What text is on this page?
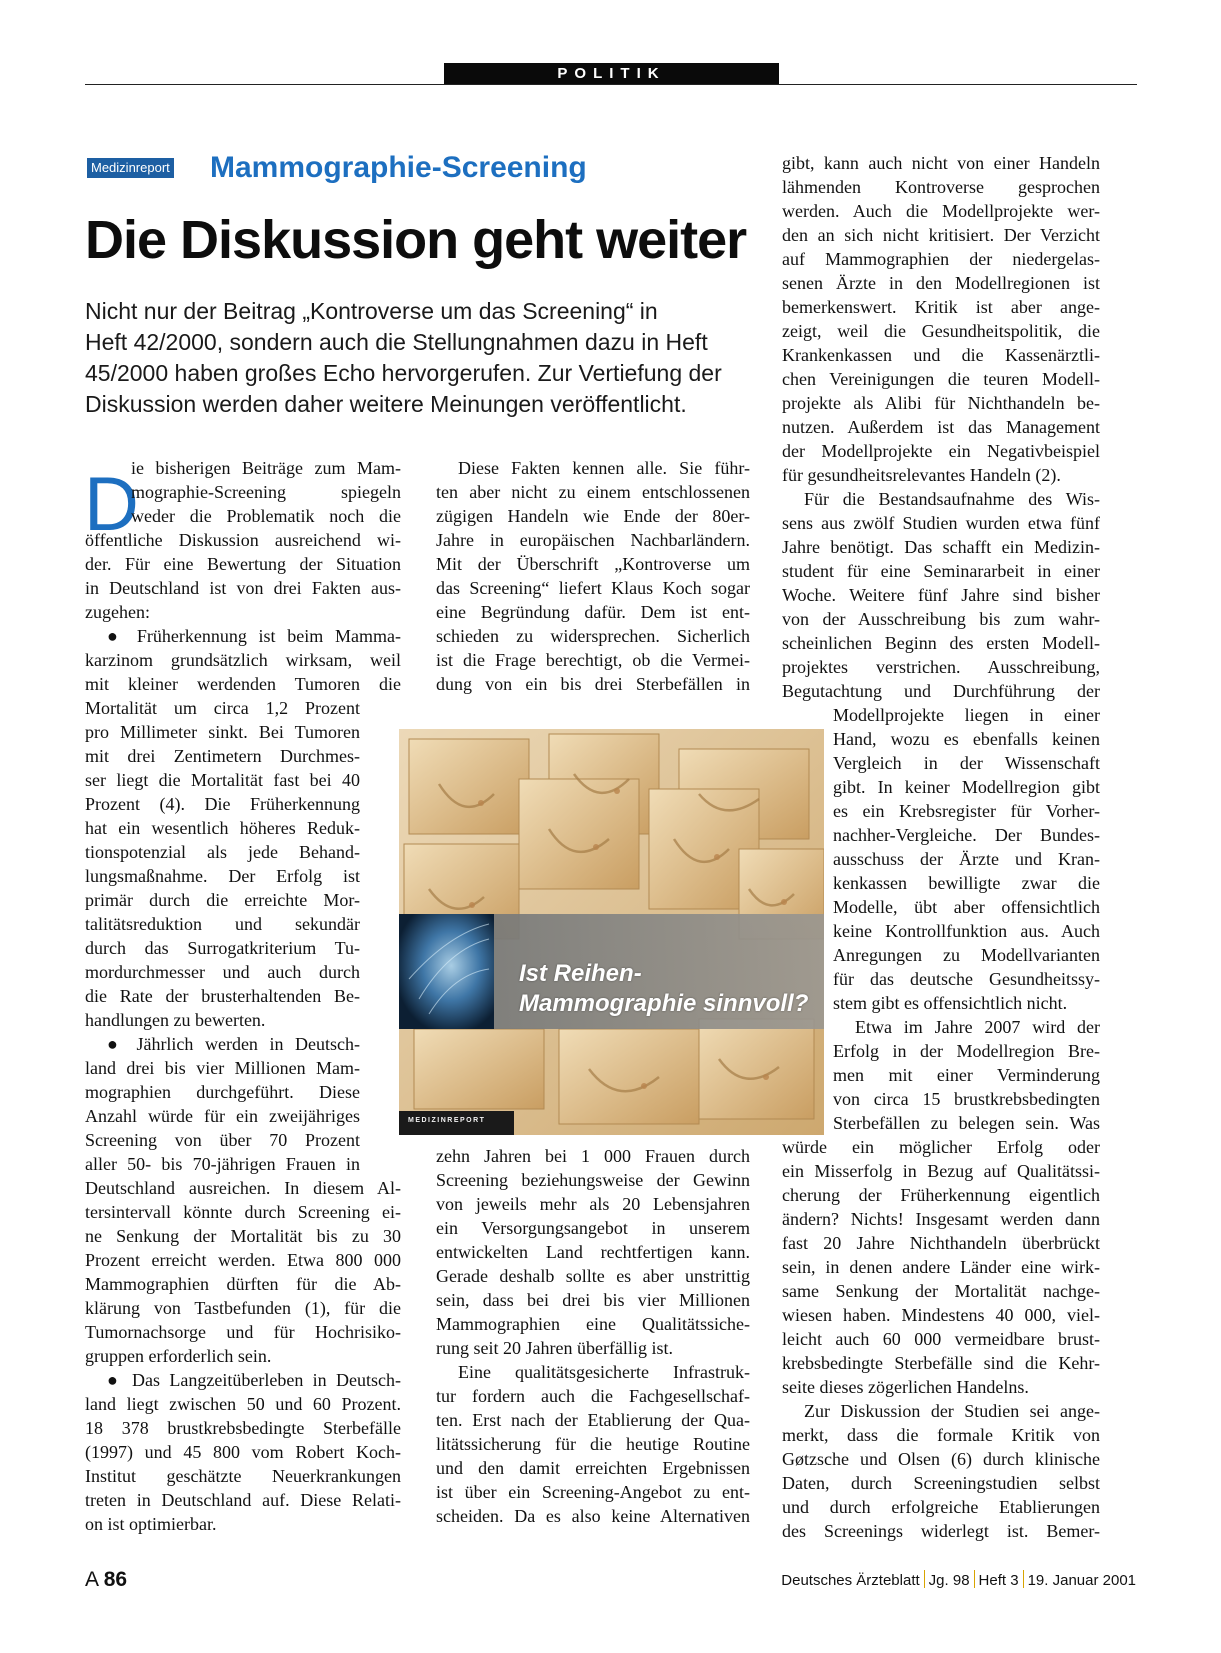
POLITIK
Medizinreport Mammographie-Screening
Die Diskussion geht weiter
Nicht nur der Beitrag „Kontroverse um das Screening“ in
Heft 42/2000, sondern auch die Stellungnahmen dazu in Heft
45/2000 haben großes Echo hervorgerufen. Zur Vertiefung der
Diskussion werden daher weitere Meinungen veröffentlicht.
D
ie bisherigen Beiträge zum Mam-
mographie-Screening spiegeln
weder die Problematik noch die
öffentliche Diskussion ausreichend wi-
der. Für eine Bewertung der Situation
in Deutschland ist von drei Fakten aus-
zugehen:
● Früherkennung ist beim Mamma-
karzinom grundsätzlich wirksam, weil
mit kleiner werdenden Tumoren die
Mortalität um circa 1,2 Prozent
pro Millimeter sinkt. Bei Tumoren
mit drei Zentimetern Durchmes-
ser liegt die Mortalität fast bei 40
Prozent (4). Die Früherkennung
hat ein wesentlich höheres Reduk-
tionspotenzial als jede Behand-
lungsmaßnahme. Der Erfolg ist
primär durch die erreichte Mor-
talitätsreduktion und sekundär
durch das Surrogatkriterium Tu-
mordurchmesser und auch durch
die Rate der brusterhaltenden Be-
handlungen zu bewerten.
● Jährlich werden in Deutsch-
land drei bis vier Millionen Mam-
mographien durchgeführt. Diese
Anzahl würde für ein zweijähriges
Screening von über 70 Prozent
aller 50- bis 70-jährigen Frauen in
Deutschland ausreichen. In diesem Al-
tersintervall könnte durch Screening ei-
ne Senkung der Mortalität bis zu 30
Prozent erreicht werden. Etwa 800 000
Mammographien dürften für die Ab-
klärung von Tastbefunden (1), für die
Tumornachsorge und für Hochrisiko-
gruppen erforderlich sein.
● Das Langzeitüberleben in Deutsch-
land liegt zwischen 50 und 60 Prozent.
18 378 brustkrebsbedingte Sterbefälle
(1997) und 45 800 vom Robert Koch-
Institut geschätzte Neuerkrankungen
treten in Deutschland auf. Diese Relati-
on ist optimierbar.
Diese Fakten kennen alle. Sie führ-
ten aber nicht zu einem entschlossenen
zügigen Handeln wie Ende der 80er-
Jahre in europäischen Nachbarländern.
Mit der Überschrift „Kontroverse um
das Screening“ liefert Klaus Koch sogar
eine Begründung dafür. Dem ist ent-
schieden zu widersprechen. Sicherlich
ist die Frage berechtigt, ob die Vermei-
dung von ein bis drei Sterbefällen in
zehn Jahren bei 1 000 Frauen durch
Screening beziehungsweise der Gewinn
von jeweils mehr als 20 Lebensjahren
ein Versorgungsangebot in unserem
entwickelten Land rechtfertigen kann.
Gerade deshalb sollte es aber unstrittig
sein, dass bei drei bis vier Millionen
Mammographien eine Qualitätssiche-
rung seit 20 Jahren überfällig ist.
Eine qualitätsgesicherte Infrastruk-
tur fordern auch die Fachgesellschaf-
ten. Erst nach der Etablierung der Qua-
litätssicherung für die heutige Routine
und den damit erreichten Ergebnissen
ist über ein Screening-Angebot zu ent-
scheiden. Da es also keine Alternativen
gibt, kann auch nicht von einer Handeln
lähmenden Kontroverse gesprochen
werden. Auch die Modellprojekte wer-
den an sich nicht kritisiert. Der Verzicht
auf Mammographien der niedergelas-
senen Ärzte in den Modellregionen ist
bemerkenswert. Kritik ist aber ange-
zeigt, weil die Gesundheitspolitik, die
Krankenkassen und die Kassenärztli-
chen Vereinigungen die teuren Modell-
projekte als Alibi für Nichthandeln be-
nutzen. Außerdem ist das Management
der Modellprojekte ein Negativbeispiel
für gesundheitsrelevantes Handeln (2).
Für die Bestandsaufnahme des Wis-
sens aus zwölf Studien wurden etwa fünf
Jahre benötigt. Das schafft ein Medizin-
student für eine Seminararbeit in einer
Woche. Weitere fünf Jahre sind bisher
von der Ausschreibung bis zum wahr-
scheinlichen Beginn des ersten Modell-
projektes verstrichen. Ausschreibung,
Begutachtung und Durchführung der
Modellprojekte liegen in einer
Hand, wozu es ebenfalls keinen
Vergleich in der Wissenschaft
gibt. In keiner Modellregion gibt
es ein Krebsregister für Vorher-
nachher-Vergleiche. Der Bundes-
ausschuss der Ärzte und Kran-
kenkassen bewilligte zwar die
Modelle, übt aber offensichtlich
keine Kontrollfunktion aus. Auch
Anregungen zu Modellvarianten
für das deutsche Gesundheitssy-
stem gibt es offensichtlich nicht.
Etwa im Jahre 2007 wird der
Erfolg in der Modellregion Bre-
men mit einer Verminderung
von circa 15 brustkrebsbedingten
Sterbefällen zu belegen sein. Was
würde ein möglicher Erfolg oder
ein Misserfolg in Bezug auf Qualitätssi-
cherung der Früherkennung eigentlich
ändern? Nichts! Insgesamt werden dann
fast 20 Jahre Nichthandeln überbrückt
sein, in denen andere Länder eine wirk-
same Senkung der Mortalität nachge-
wiesen haben. Mindestens 40 000, viel-
leicht auch 60 000 vermeidbare brust-
krebsbedingte Sterbefälle sind die Kehr-
seite dieses zögerlichen Handelns.
Zur Diskussion der Studien sei ange-
merkt, dass die formale Kritik von
Gøtzsche und Olsen (6) durch klinische
Daten, durch Screeningstudien selbst
und durch erfolgreiche Etablierungen
des Screenings widerlegt ist. Bemer-
Ist Reihen-
Mammographie sinnvoll?
MEDIZINREPORT
A 86	Deutsches Ärzteblatt Jg. 98 Heft 3 19. Januar 2001
